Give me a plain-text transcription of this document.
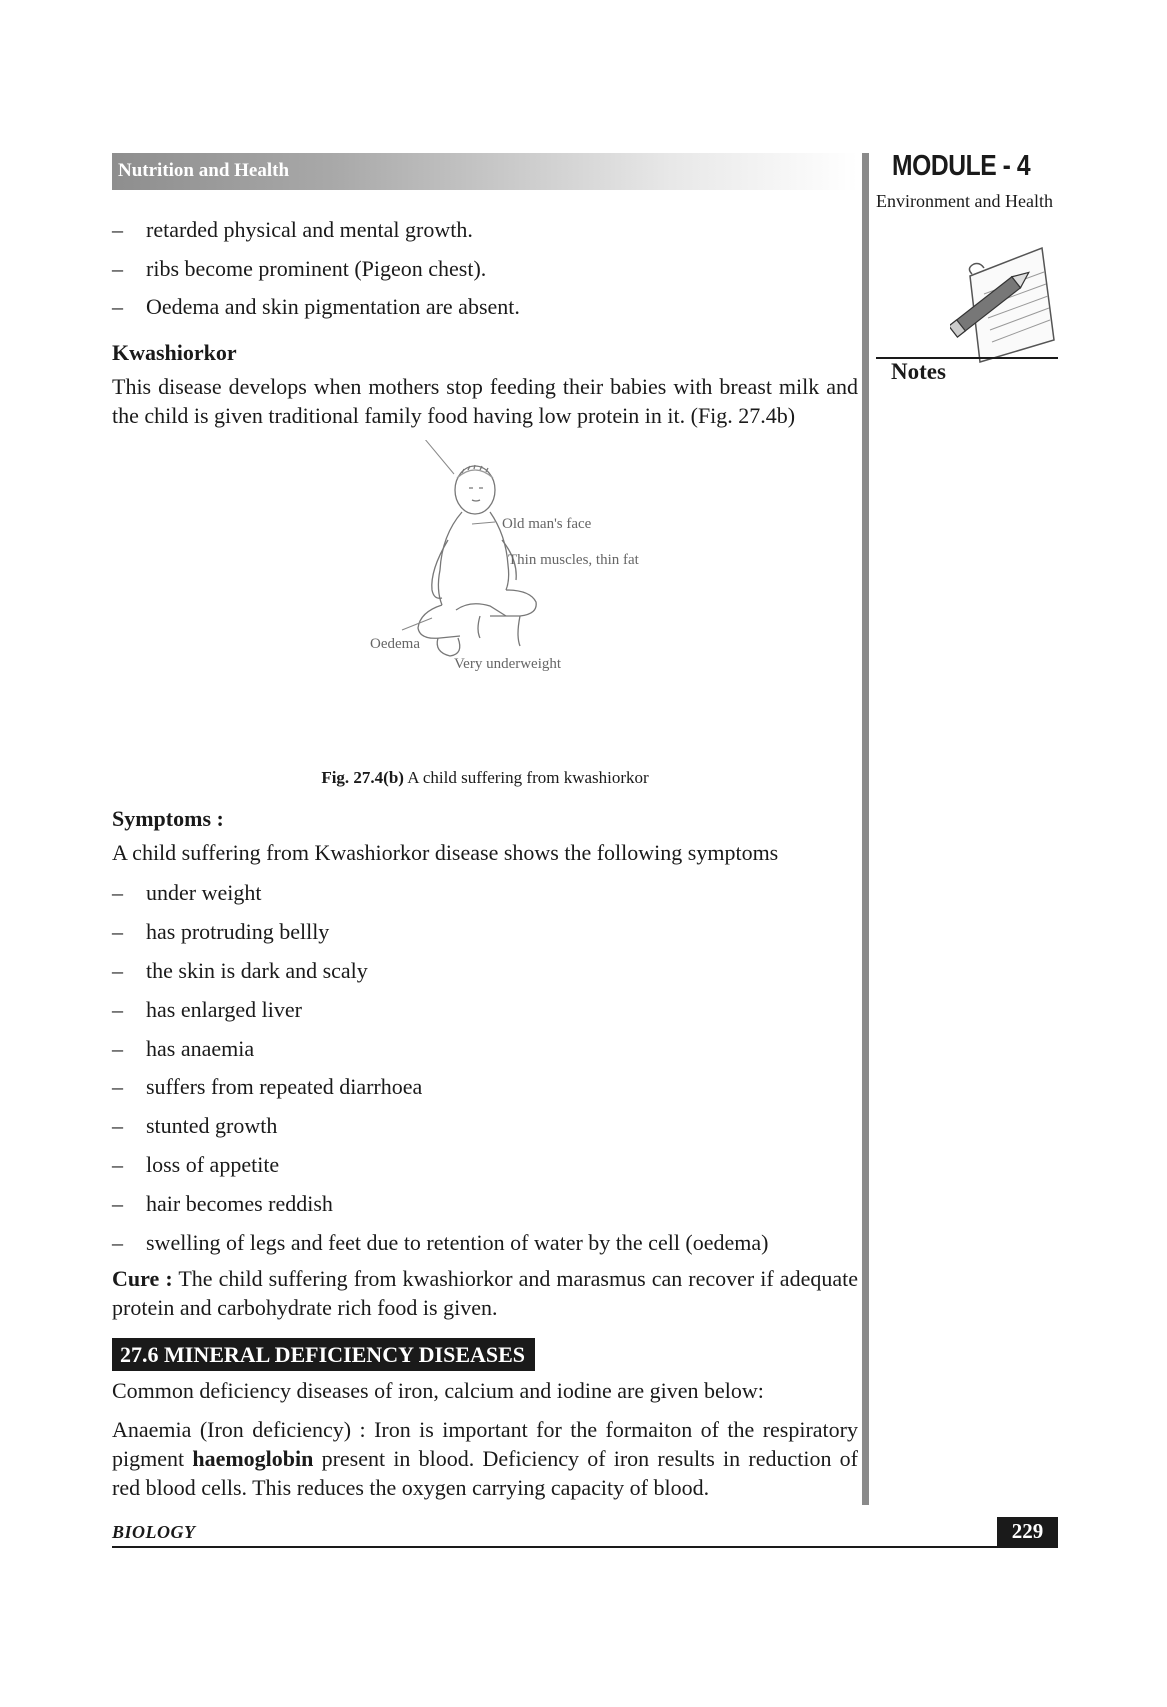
Nutrition and Health	MODULE - 4
Environment and Health
Notes
– retarded physical and mental growth.
– ribs become prominent (Pigeon chest).
– Oedema and skin pigmentation are absent.
Kwashiorkor
This disease develops when mothers stop feeding their babies with breast milk and the child is given traditional family food having low protein in it. (Fig. 27.4b)
Old man's face
Thin muscles, thin fat
Oedema
Very underweight
Fig. 27.4(b) A child suffering from kwashiorkor
Symptoms :
A child suffering from Kwashiorkor disease shows the following symptoms
– under weight
– has protruding bellly
– the skin is dark and scaly
– has enlarged liver
– has anaemia
– suffers from repeated diarrhoea
– stunted growth
– loss of appetite
– hair becomes reddish
– swelling of legs and feet due to retention of water by the cell (oedema)
Cure : The child suffering from kwashiorkor and marasmus can recover if adequate protein and carbohydrate rich food is given.
27.6 MINERAL DEFICIENCY DISEASES
Common deficiency diseases of iron, calcium and iodine are given below:
Anaemia (Iron deficiency) : Iron is important for the formaiton of the respiratory pigment haemoglobin present in blood. Deficiency of iron results in reduction of red blood cells. This reduces the oxygen carrying capacity of blood.
BIOLOGY	229
